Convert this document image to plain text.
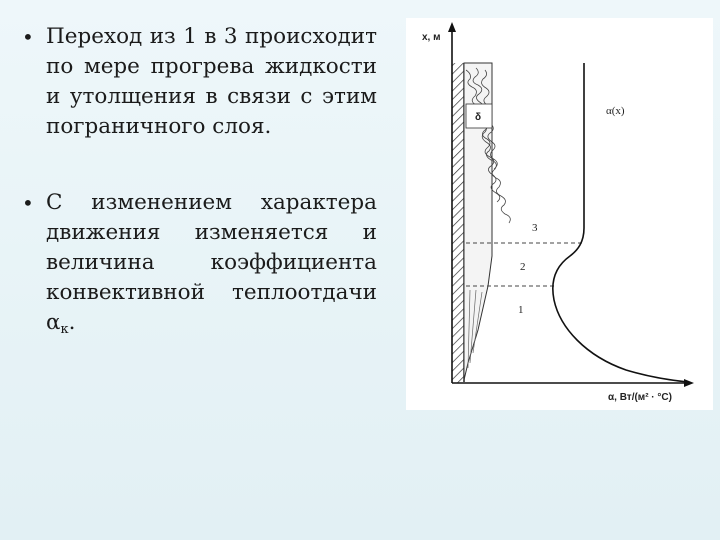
• Переход из 1 в 3 происходит по мере прогрева жидкости и утолщения в связи с этим пограничного слоя.
• С изменением характера движения изменяется и величина коэффициента конвективной теплоотдачи $\alpha_к$.
δ
x, м
α, Вт/(м² · °С)
α(x)
3
2
1
